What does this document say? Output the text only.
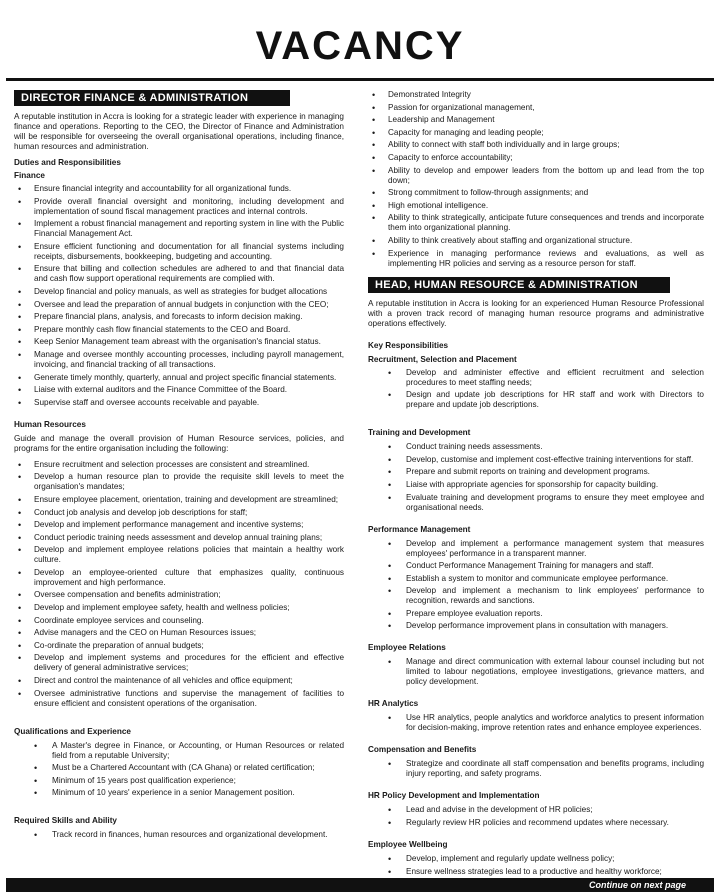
VACANCY
DIRECTOR FINANCE & ADMINISTRATION

A reputable institution in Accra is looking for a strategic leader with experience in managing finance and operations. Reporting to the CEO, the Director of Finance and Administration will be responsible for overseeing the overall organisational operations, including finance, human resources and administration.

Duties and Responsibilities
Finance
• Ensure financial integrity and accountability for all organizational funds.
• Provide overall financial oversight and monitoring, including development and implementation of sound fiscal management practices and internal controls.
• Implement a robust financial management and reporting system in line with the Public Financial Management Act.
• Ensure efficient functioning and documentation for all financial systems including receipts, disbursements, bookkeeping, budgeting and accounting.
• Ensure that billing and collection schedules are adhered to and that financial data and cash flow support operational requirements are complied with.
• Develop financial and policy manuals, as well as strategies for budget allocations
• Oversee and lead the preparation of annual budgets in conjunction with the CEO;
• Prepare financial plans, analysis, and forecasts to inform decision making.
• Prepare monthly cash flow financial statements to the CEO and Board.
• Keep Senior Management team abreast with the organisation's financial status.
• Manage and oversee monthly accounting processes, including payroll management, invoicing, and financial tracking of all transactions.
• Generate timely monthly, quarterly, annual and project specific financial statements.
• Liaise with external auditors and the Finance Committee of the Board.
• Supervise staff and oversee accounts receivable and payable.
Human Resources

Guide and manage the overall provision of Human Resource services, policies, and programs for the entire organisation including the following:

• Ensure recruitment and selection processes are consistent and streamlined.
• Develop a human resource plan to provide the requisite skill levels to meet the organisation's mandates;
• Ensure employee placement, orientation, training and development are streamlined;
• Conduct job analysis and develop job descriptions for staff;
• Develop and implement performance management and incentive systems;
• Conduct periodic training needs assessment and develop annual training plans;
• Develop and implement employee relations policies that maintain a healthy work culture.
• Develop an employee-oriented culture that emphasizes quality, continuous improvement and high performance.
• Oversee compensation and benefits administration;
• Develop and implement employee safety, health and wellness policies;
• Coordinate employee services and counseling.
• Advise managers and the CEO on Human Resources issues;
• Co-ordinate the preparation of annual budgets;
• Develop and implement systems and procedures for the efficient and effective delivery of general administrative services;
• Direct and control the maintenance of all vehicles and office equipment;
• Oversee administrative functions and supervise the management of facilities to ensure efficient and consistent operations of the organisation.
Qualifications and Experience
• A Master's degree in Finance, or Accounting, or Human Resources or related field from a reputable University;
• Must be a Chartered Accountant with (CA Ghana) or related certification;
• Minimum of 15 years post qualification experience;
• Minimum of 10 years' experience in a senior Management position.
Required Skills and Ability
• Track record in finances, human resources and organizational development.
• Demonstrated Integrity
• Passion for organizational management,
• Leadership and Management
• Capacity for managing and leading people;
• Ability to connect with staff both individually and in large groups;
• Capacity to enforce accountability;
• Ability to develop and empower leaders from the bottom up and lead from the top down;
• Strong commitment to follow-through assignments; and
• High emotional intelligence.
• Ability to think strategically, anticipate future consequences and trends and incorporate them into organizational planning.
• Ability to think creatively about staffing and organizational structure.
• Experience in managing performance reviews and evaluations, as well as implementing HR policies and serving as a resource person for staff.
HEAD, HUMAN RESOURCE & ADMINISTRATION

A reputable institution in Accra is looking for an experienced Human Resource Professional with a proven track record of managing human resource programs and administrative operations effectively.

Key Responsibilities
Recruitment, Selection and Placement
• Develop and administer effective and efficient recruitment and selection procedures to meet staffing needs;
• Design and update job descriptions for HR staff and work with Directors to prepare and update job descriptions.
Training and Development
• Conduct training needs assessments.
• Develop, customise and implement cost-effective training interventions for staff.
• Prepare and submit reports on training and development programs.
• Liaise with appropriate agencies for sponsorship for capacity building.
• Evaluate training and development programs to ensure they meet employee and organisational needs.
Performance Management
• Develop and implement a performance management system that measures employees' performance in a transparent manner.
• Conduct Performance Management Training for managers and staff.
• Establish a system to monitor and communicate employee performance.
• Develop and implement a mechanism to link employees' performance to recognition, rewards and sanctions.
• Prepare employee evaluation reports.
• Develop performance improvement plans in consultation with managers.
Employee Relations
• Manage and direct communication with external labour counsel including but not limited to labour negotiations, employee investigations, grievance matters, and policy development.
HR Analytics
• Use HR analytics, people analytics and workforce analytics to present information for decision-making, improve retention rates and enhance employee experiences.
Compensation and Benefits
• Strategize and coordinate all staff compensation and benefits programs, including injury reporting, and safety programs.
HR Policy Development and Implementation
• Lead and advise in the development of HR policies;
• Regularly review HR policies and recommend updates where necessary.
Employee Wellbeing
• Develop, implement and regularly update wellness policy;
• Ensure wellness strategies lead to a productive and healthy workforce;
Continue on next page
